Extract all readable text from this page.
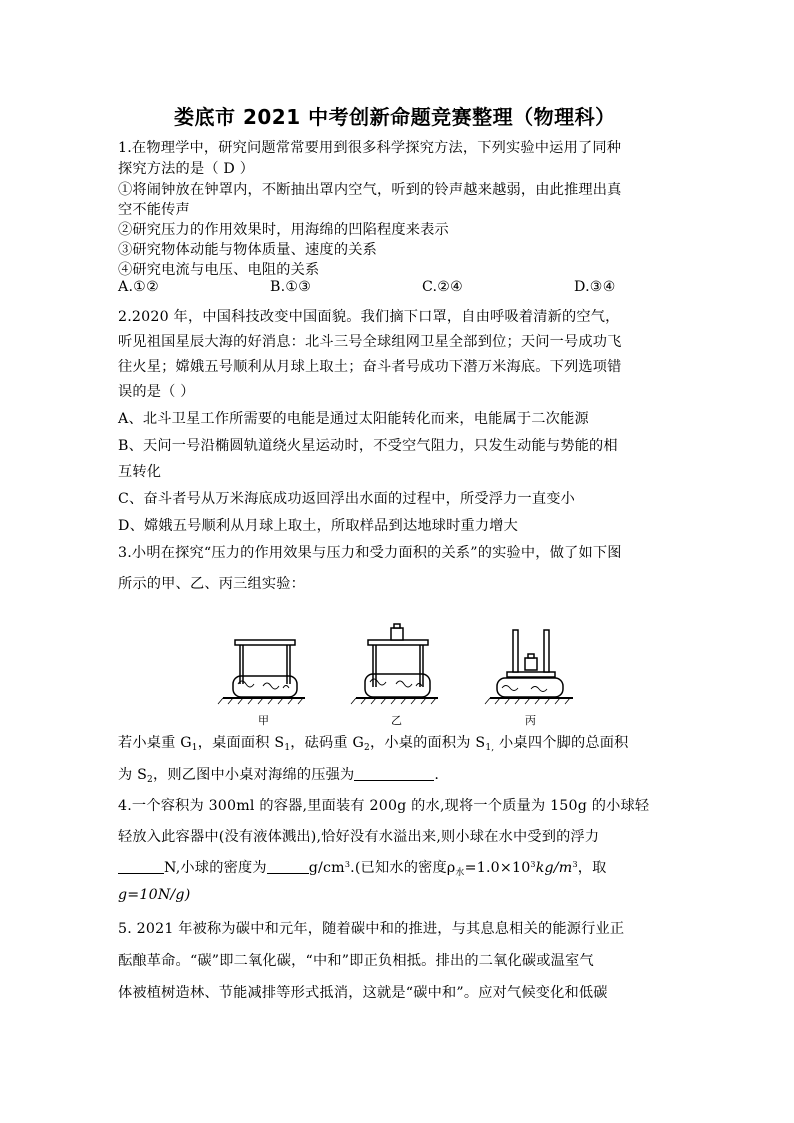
娄底市 2021 中考创新命题竞赛整理（物理科）
1.在物理学中，研究问题常常要用到很多科学探究方法，下列实验中运用了同种
探究方法的是（ D ）
①将闹钟放在钟罩内，不断抽出罩内空气，听到的铃声越来越弱，由此推理出真
空不能传声
②研究压力的作用效果时，用海绵的凹陷程度来表示
③研究物体动能与物体质量、速度的关系
④研究电流与电压、电阻的关系
A.①②	B.①③	C.②④	D.③④
2.2020 年，中国科技改变中国面貌。我们摘下口罩，自由呼吸着清新的空气，
听见祖国星辰大海的好消息：北斗三号全球组网卫星全部到位；天问一号成功飞
往火星；嫦娥五号顺利从月球上取土；奋斗者号成功下潜万米海底。下列选项错
误的是（ ）
A、北斗卫星工作所需要的电能是通过太阳能转化而来，电能属于二次能源
B、天问一号沿椭圆轨道绕火星运动时，不受空气阻力，只发生动能与势能的相
互转化
C、奋斗者号从万米海底成功返回浮出水面的过程中，所受浮力一直变小
D、嫦娥五号顺利从月球上取土，所取样品到达地球时重力增大
3.小明在探究“压力的作用效果与压力和受力面积的关系”的实验中，做了如下图
所示的甲、乙、丙三组实验：
甲	乙	丙
若小桌重 $G_1$，桌面面积 $S_1$，砝码重 $G_2$，小桌的面积为 $S_{1,}$ 小桌四个脚的总面积
为 $S_2$，则乙图中小桌对海绵的压强为	.
4.一个容积为 300ml 的容器,里面装有 200g 的水,现将一个质量为 150g 的小球轻
轻放入此容器中(没有液体溅出),恰好没有水溢出来,则小球在水中受到的浮力
N,小球的密度为	$g/cm^3$.(已知水的密度$\rho_水=1.0\times 10^3kg/m^3$，取
g=10N/g)
5. 2021 年被称为碳中和元年，随着碳中和的推进，与其息息相关的能源行业正
酝酿革命。“碳”即二氧化碳，“中和”即正负相抵。排出的二氧化碳或温室气
体被植树造林、节能减排等形式抵消，这就是“碳中和”。应对气候变化和低碳
